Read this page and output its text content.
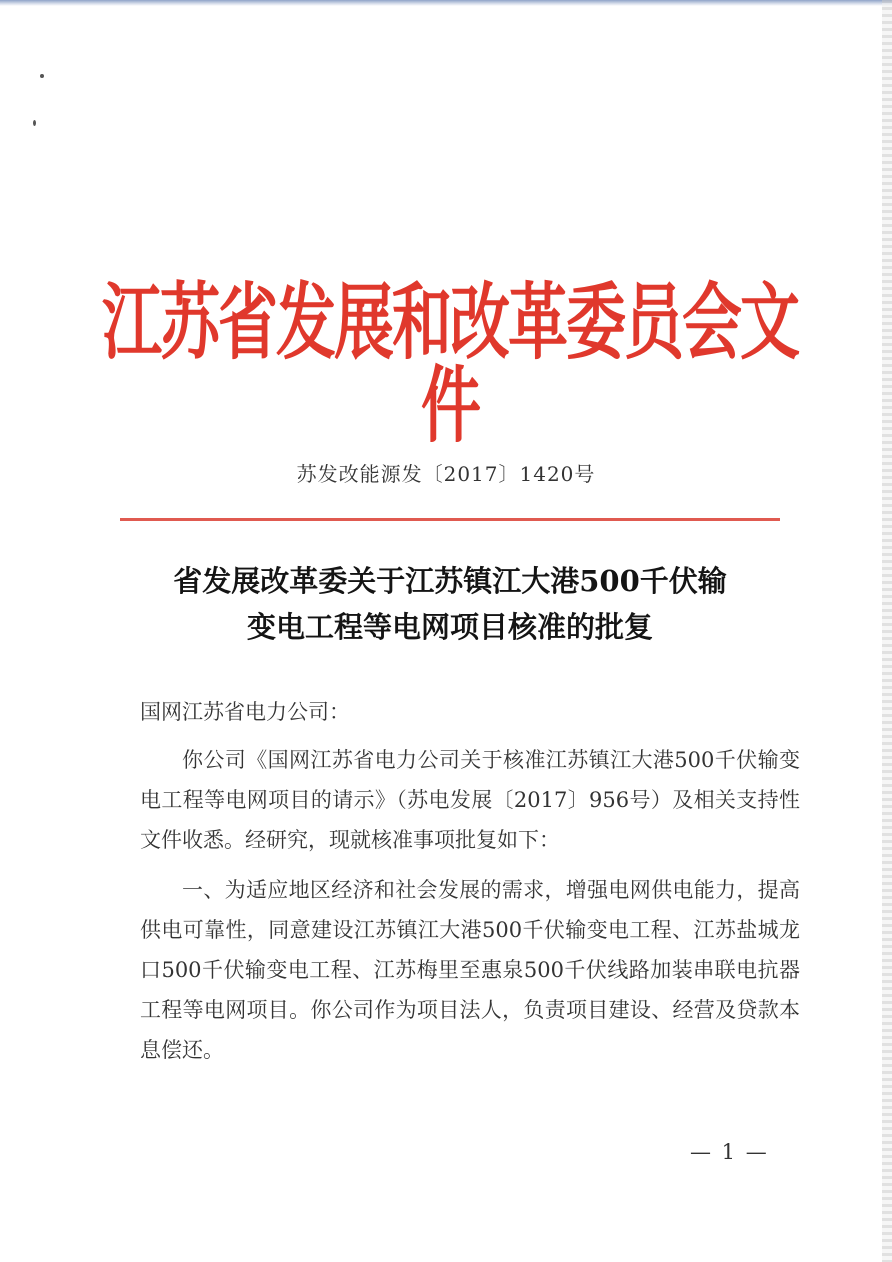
江苏省发展和改革委员会文件
苏发改能源发〔2017〕1420号
省发展改革委关于江苏镇江大港500千伏输
变电工程等电网项目核准的批复
国网江苏省电力公司：

你公司《国网江苏省电力公司关于核准江苏镇江大港500千伏输变电工程等电网项目的请示》（苏电发展〔2017〕956号）及相关支持性文件收悉。经研究，现就核准事项批复如下：

一、为适应地区经济和社会发展的需求，增强电网供电能力，提高供电可靠性，同意建设江苏镇江大港500千伏输变电工程、江苏盐城龙口500千伏输变电工程、江苏梅里至惠泉500千伏线路加装串联电抗器工程等电网项目。你公司作为项目法人，负责项目建设、经营及贷款本息偿还。

— 1 —
